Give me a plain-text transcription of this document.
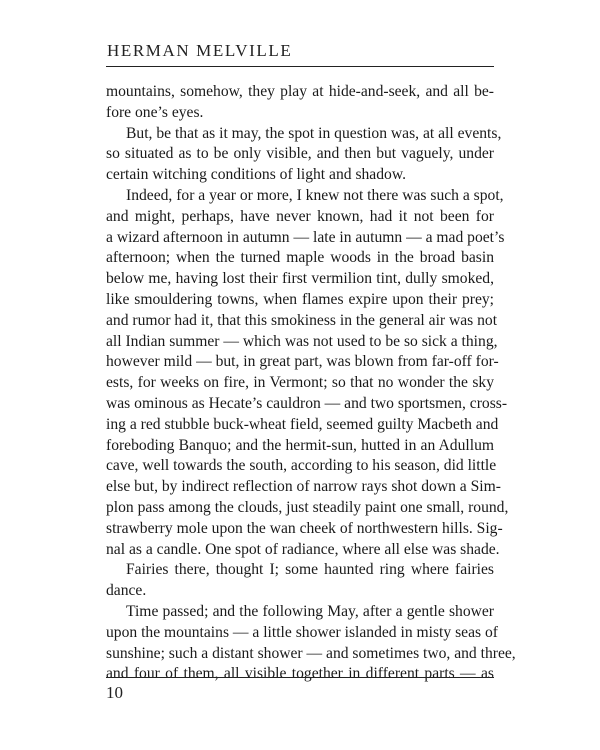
HERMAN MELVILLE
mountains, somehow, they play at hide-and-seek, and all be-
fore one’s eyes.
But, be that as it may, the spot in question was, at all events,
so situated as to be only visible, and then but vaguely, under
certain witching conditions of light and shadow.
Indeed, for a year or more, I knew not there was such a spot,
and might, perhaps, have never known, had it not been for
a wizard afternoon in autumn — late in autumn — a mad poet’s
afternoon; when the turned maple woods in the broad basin
below me, having lost their first vermilion tint, dully smoked,
like smouldering towns, when flames expire upon their prey;
and rumor had it, that this smokiness in the general air was not
all Indian summer — which was not used to be so sick a thing,
however mild — but, in great part, was blown from far-off for-
ests, for weeks on fire, in Vermont; so that no wonder the sky
was ominous as Hecate’s cauldron — and two sportsmen, cross-
ing a red stubble buck-wheat field, seemed guilty Macbeth and
foreboding Banquo; and the hermit-sun, hutted in an Adullum
cave, well towards the south, according to his season, did little
else but, by indirect reflection of narrow rays shot down a Sim-
plon pass among the clouds, just steadily paint one small, round,
strawberry mole upon the wan cheek of northwestern hills. Sig-
nal as a candle. One spot of radiance, where all else was shade.
Fairies there, thought I; some haunted ring where fairies
dance.
Time passed; and the following May, after a gentle shower
upon the mountains — a little shower islanded in misty seas of
sunshine; such a distant shower — and sometimes two, and three,
and four of them, all visible together in different parts — as
10
